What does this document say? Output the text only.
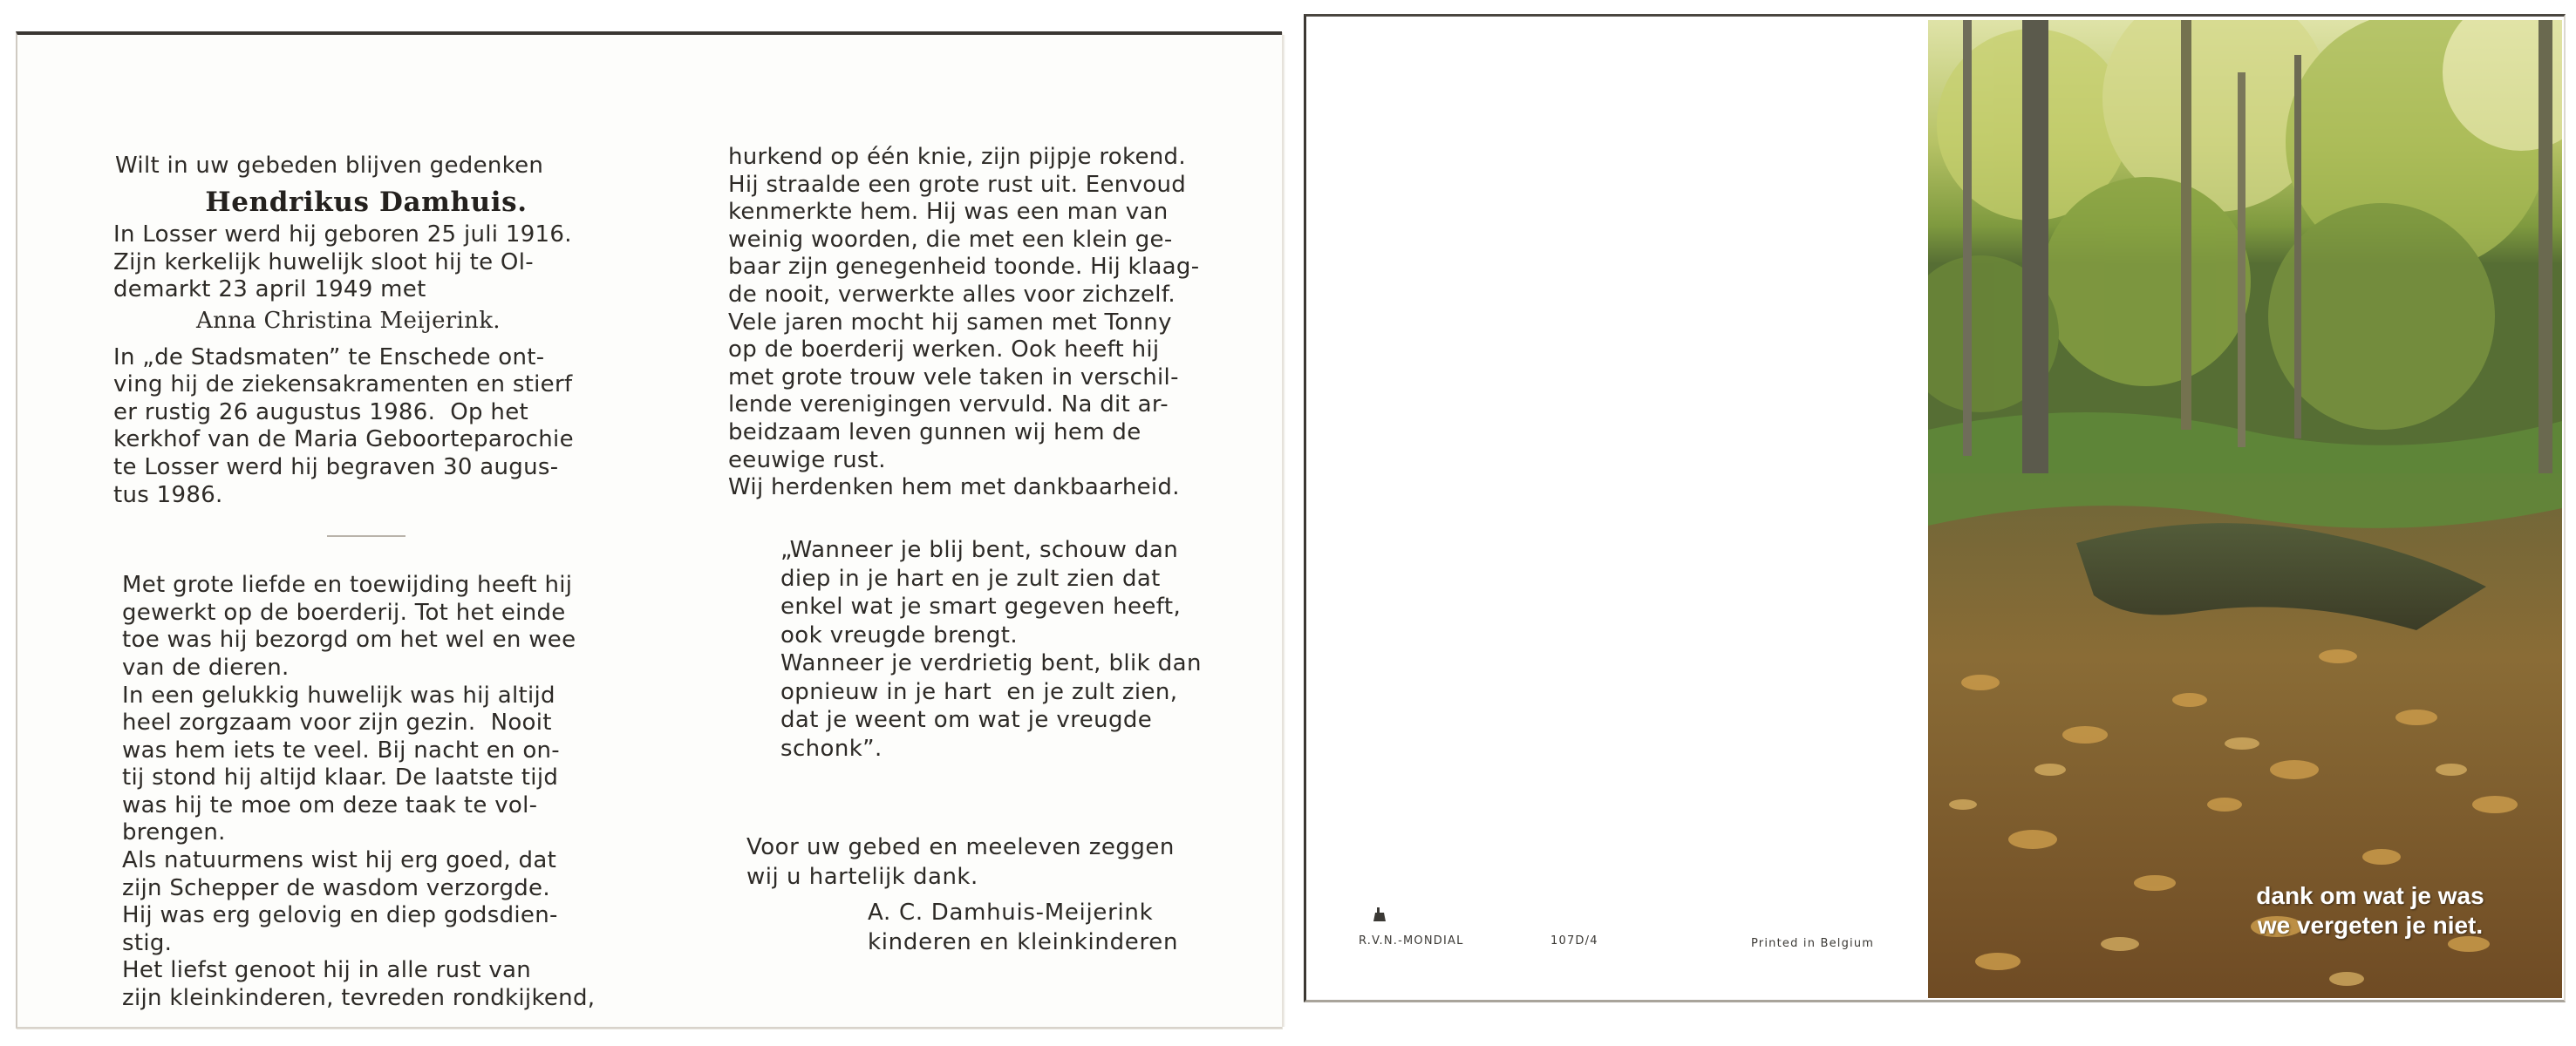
Wilt in uw gebeden blijven gedenken

Hendrikus Damhuis.

In Losser werd hij geboren 25 juli 1916.

Zijn kerkelijk huwelijk sloot hij te Ol-

demarkt 23 april 1949 met

Anna Christina Meijerink.

In „de Stadsmaten” te Enschede ont-

ving hij de ziekensakramenten en stierf

er rustig 26 augustus 1986.  Op het

kerkhof van de Maria Geboorteparochie

te Losser werd hij begraven 30 augus-

tus 1986.

Met grote liefde en toewijding heeft hij

gewerkt op de boerderij. Tot het einde

toe was hij bezorgd om het wel en wee

van de dieren.

In een gelukkig huwelijk was hij altijd

heel zorgzaam voor zijn gezin.  Nooit

was hem iets te veel. Bij nacht en on-

tij stond hij altijd klaar. De laatste tijd

was hij te moe om deze taak te vol-

brengen.

Als natuurmens wist hij erg goed, dat

zijn Schepper de wasdom verzorgde.

Hij was erg gelovig en diep godsdien-

stig.

Het liefst genoot hij in alle rust van

zijn kleinkinderen, tevreden rondkijkend,

hurkend op één knie, zijn pijpje rokend.

Hij straalde een grote rust uit. Eenvoud

kenmerkte hem. Hij was een man van

weinig woorden, die met een klein ge-

baar zijn genegenheid toonde. Hij klaag-

de nooit, verwerkte alles voor zichzelf.

Vele jaren mocht hij samen met Tonny

op de boerderij werken. Ook heeft hij

met grote trouw vele taken in verschil-

lende verenigingen vervuld. Na dit ar-

beidzaam leven gunnen wij hem de

eeuwige rust.

Wij herdenken hem met dankbaarheid.

„Wanneer je blij bent, schouw dan

diep in je hart en je zult zien dat

enkel wat je smart gegeven heeft,

ook vreugde brengt.

Wanneer je verdrietig bent, blik dan

opnieuw in je hart  en je zult zien,

dat je weent om wat je vreugde

schonk”.

Voor uw gebed en meeleven zeggen

wij u hartelijk dank.

A. C. Damhuis-Meijerink

kinderen en kleinkinderen	R.V.N.-MONDIAL	107D/4	Printed in Belgium

dank om wat je was

we vergeten je niet.
